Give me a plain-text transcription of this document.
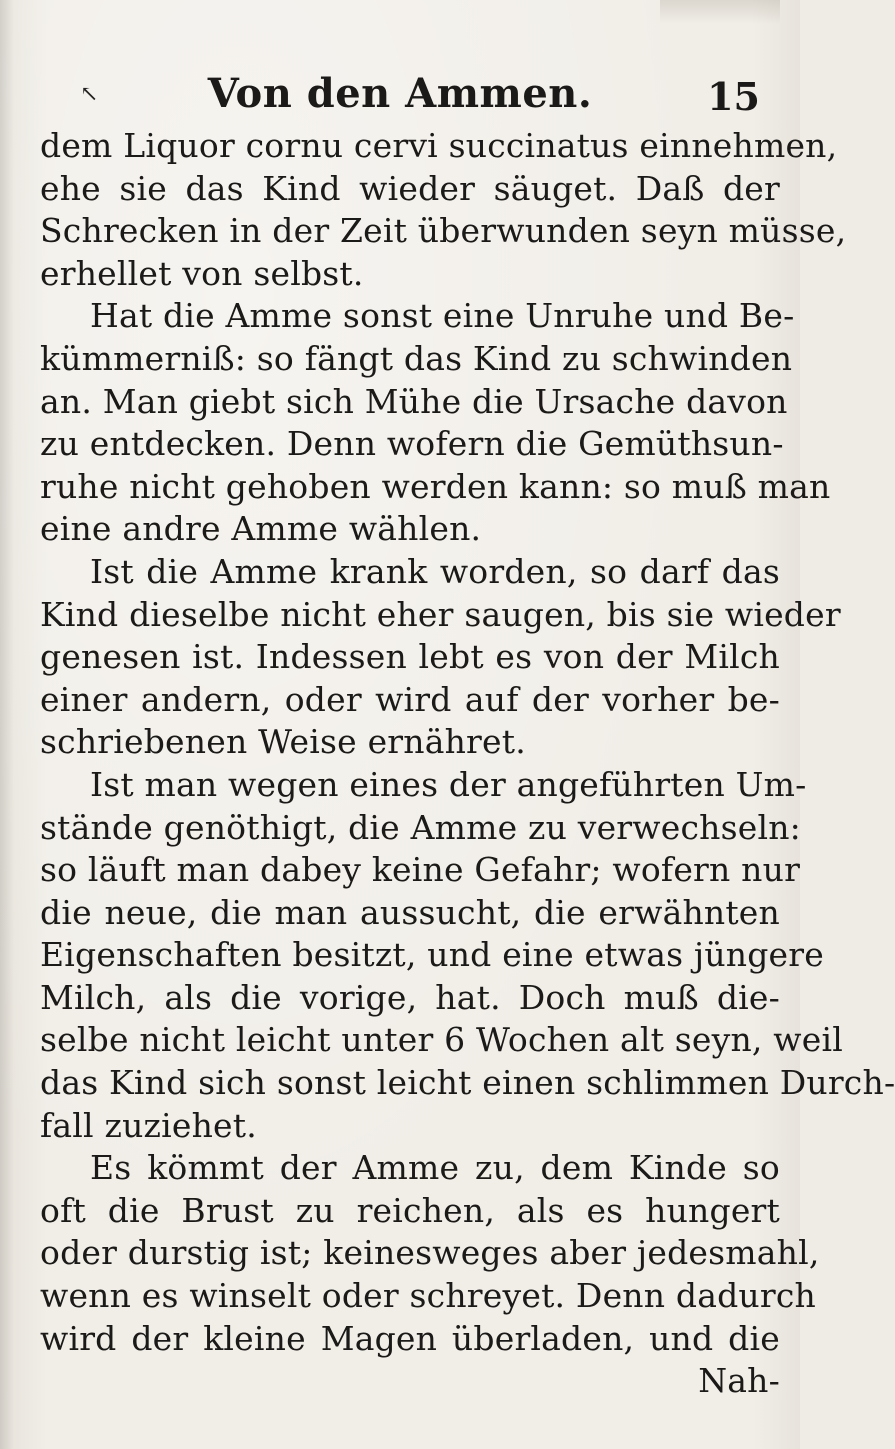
↖	Von den Ammen.	15
dem Liquor cornu cervi succinatus einnehmen,
ehe sie das Kind wieder säuget. Daß der
Schrecken in der Zeit überwunden seyn müsse,
erhellet von selbst.
Hat die Amme sonst eine Unruhe und Be-
kümmerniß: so fängt das Kind zu schwinden
an. Man giebt sich Mühe die Ursache davon
zu entdecken. Denn wofern die Gemüthsun-
ruhe nicht gehoben werden kann: so muß man
eine andre Amme wählen.
Ist die Amme krank worden, so darf das
Kind dieselbe nicht eher saugen, bis sie wieder
genesen ist. Indessen lebt es von der Milch
einer andern, oder wird auf der vorher be-
schriebenen Weise ernähret.
Ist man wegen eines der angeführten Um-
stände genöthigt, die Amme zu verwechseln:
so läuft man dabey keine Gefahr; wofern nur
die neue, die man aussucht, die erwähnten
Eigenschaften besitzt, und eine etwas jüngere
Milch, als die vorige, hat. Doch muß die-
selbe nicht leicht unter 6 Wochen alt seyn, weil
das Kind sich sonst leicht einen schlimmen Durch-
fall zuziehet.
Es kömmt der Amme zu, dem Kinde so
oft die Brust zu reichen, als es hungert
oder durstig ist; keinesweges aber jedesmahl,
wenn es winselt oder schreyet. Denn dadurch
wird der kleine Magen überladen, und die
Nah-
